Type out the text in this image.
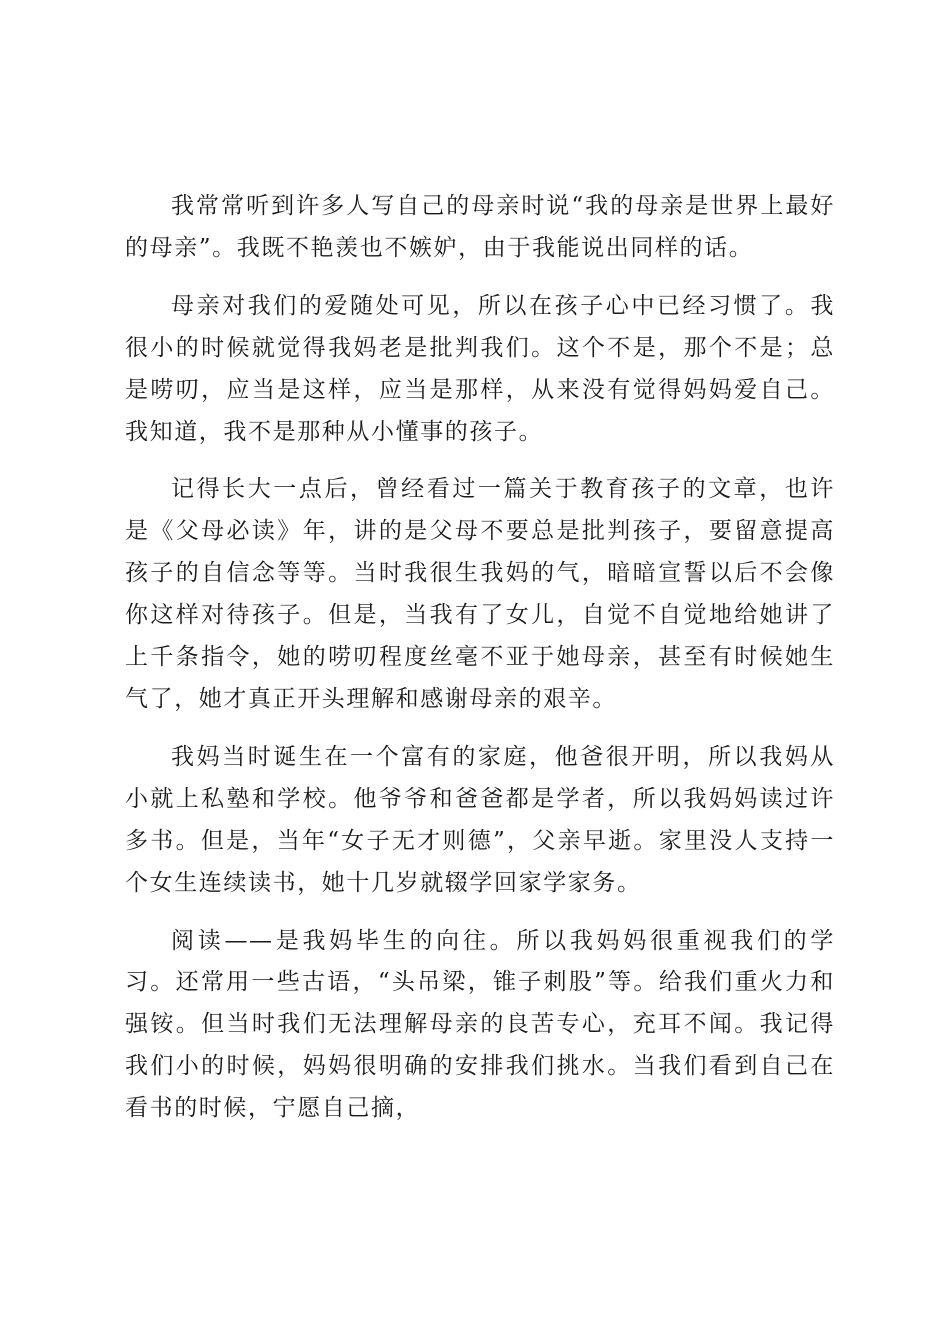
我常常听到许多人写自己的母亲时说“我的母亲是世界上最好的母亲”。我既不艳羡也不嫉妒，由于我能说出同样的话。

母亲对我们的爱随处可见，所以在孩子心中已经习惯了。我很小的时候就觉得我妈老是批判我们。这个不是，那个不是；总是唠叨，应当是这样，应当是那样，从来没有觉得妈妈爱自己。我知道，我不是那种从小懂事的孩子。

记得长大一点后，曾经看过一篇关于教育孩子的文章，也许是《父母必读》年，讲的是父母不要总是批判孩子，要留意提高孩子的自信念等等。当时我很生我妈的气，暗暗宣誓以后不会像你这样对待孩子。但是，当我有了女儿，自觉不自觉地给她讲了上千条指令，她的唠叨程度丝毫不亚于她母亲，甚至有时候她生气了，她才真正开头理解和感谢母亲的艰辛。

我妈当时诞生在一个富有的家庭，他爸很开明，所以我妈从小就上私塾和学校。他爷爷和爸爸都是学者，所以我妈妈读过许多书。但是，当年“女子无才则德”，父亲早逝。家里没人支持一个女生连续读书，她十几岁就辍学回家学家务。

阅读——是我妈毕生的向往。所以我妈妈很重视我们的学习。还常用一些古语，“头吊梁，锥子刺股”等。给我们重火力和强铵。但当时我们无法理解母亲的良苦专心，充耳不闻。我记得我们小的时候，妈妈很明确的安排我们挑水。当我们看到自己在看书的时候，宁愿自己摘，
